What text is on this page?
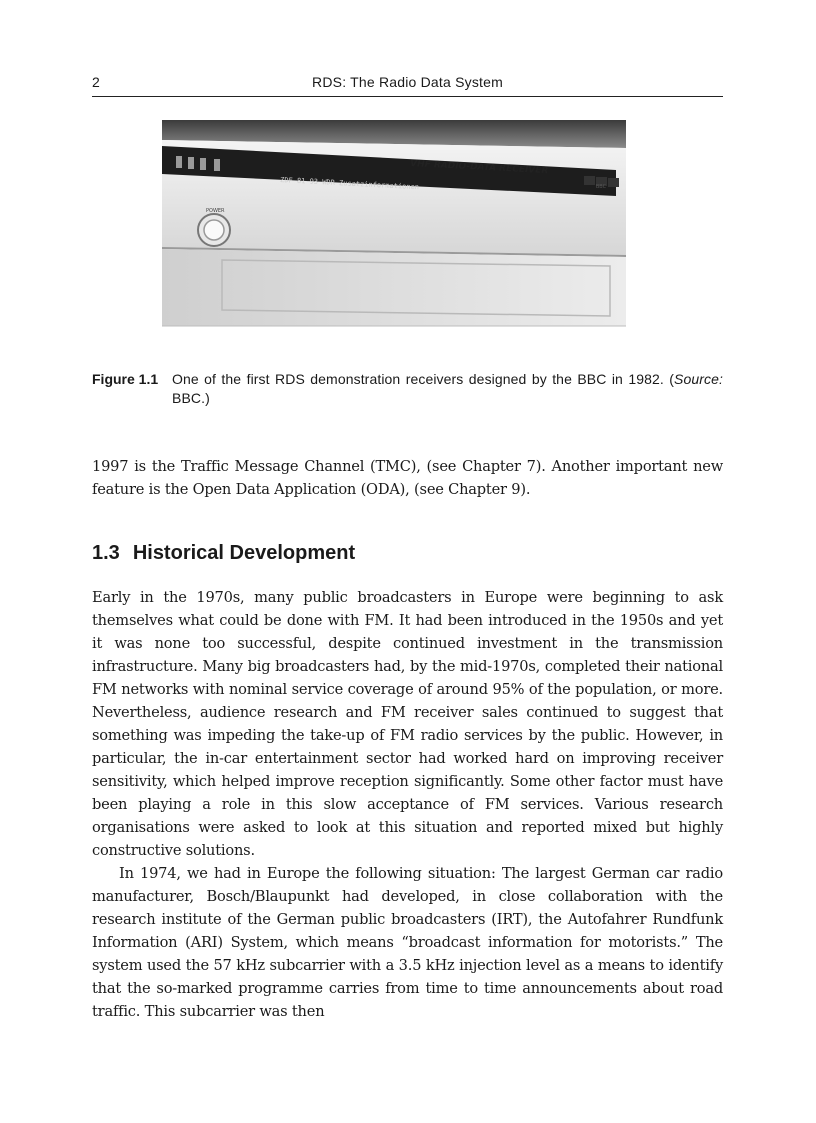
2	RDS: The Radio Data System
VHF RADIO-DATA RECEIVER
ZDF 81-93 WDR Zusatzinformationen	BBC
POWER
Figure 1.1 One of the first RDS demonstration receivers designed by the BBC in 1982. (Source: BBC.)

1997 is the Traffic Message Channel (TMC), (see Chapter 7). Another important new feature is the Open Data Application (ODA), (see Chapter 9).

1.3 Historical Development

Early in the 1970s, many public broadcasters in Europe were beginning to ask themselves what could be done with FM. It had been introduced in the 1950s and yet it was none too successful, despite continued investment in the transmission infrastructure. Many big broadcasters had, by the mid-1970s, completed their national FM networks with nominal service coverage of around 95% of the population, or more. Nevertheless, audience research and FM receiver sales continued to suggest that something was impeding the take-up of FM radio services by the public. However, in particular, the in-car entertainment sector had worked hard on improving receiver sensitivity, which helped improve reception significantly. Some other factor must have been playing a role in this slow acceptance of FM services. Various research organisations were asked to look at this situation and reported mixed but highly constructive solutions.

In 1974, we had in Europe the following situation: The largest German car radio manufacturer, Bosch/Blaupunkt had developed, in close collaboration with the research institute of the German public broadcasters (IRT), the Autofahrer Rundfunk Information (ARI) System, which means “broadcast information for motorists.” The system used the 57 kHz subcarrier with a 3.5 kHz injection level as a means to identify that the so-marked programme carries from time to time announcements about road traffic. This subcarrier was then
